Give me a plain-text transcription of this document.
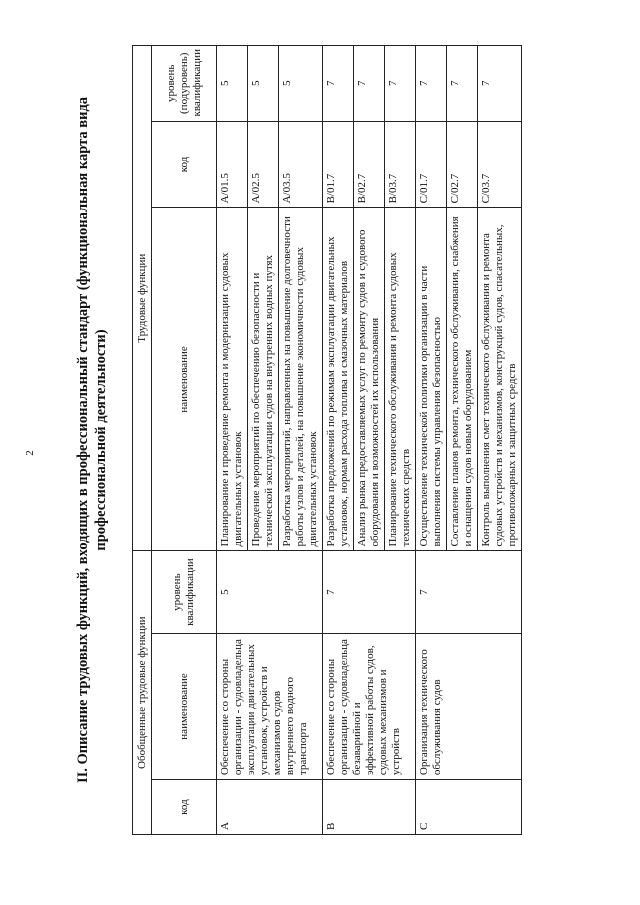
2	II. Описание трудовых функций, входящих в профессиональный стандарт (функциональная карта вида профессиональной деятельности)
Обобщенные трудовые функции			Трудовые функции		
код	наименование	уровень квалификации	наименование	код	уровень (подуровень) квалификации
A	Обеспечение со стороны организации - судовладельца эксплуатации двигательных установок, устройств и механизмов судов внутреннего водного транспорта	5	Планирование и проведение ремонта и модернизации судовых двигательных установок	A/01.5	5
			Проведение мероприятий по обеспечению безопасности и технической эксплуатации судов на внутренних водных путях	A/02.5	5
			Разработка мероприятий, направленных на повышение долговечности работы узлов и деталей, на повышение экономичности судовых двигательных установок	A/03.5	5
B	Обеспечение со стороны организации - судовладельца безаварийной и эффективной работы судов, судовых механизмов и устройств	7	Разработка предложений по режимам эксплуатации двигательных установок, нормам расхода топлива и смазочных материалов	B/01.7	7
			Анализ рынка предоставляемых услуг по ремонту судов и судового оборудования и возможностей их использования	B/02.7	7
			Планирование технического обслуживания и ремонта судовых технических средств	B/03.7	7
C	Организация технического обслуживания судов	7	Осуществление технической политики организации в части выполнения системы управления безопасностью	C/01.7	7
			Составление планов ремонта, технического обслуживания, снабжения и оснащения судов новым оборудованием	C/02.7	7
			Контроль выполнения смет технического обслуживания и ремонта судовых устройств и механизмов, конструкций судов, спасательных, противопожарных и защитных средств	C/03.7	7
